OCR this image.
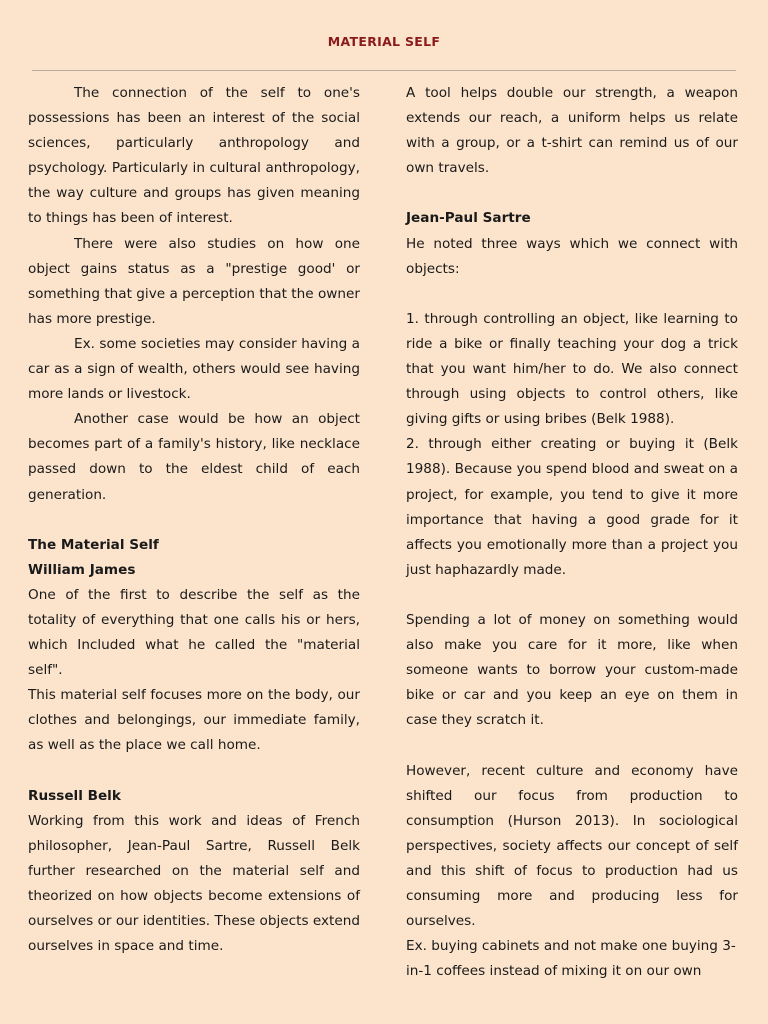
MATERIAL SELF

The connection of the self to one's possessions has been an interest of the social sciences, particularly anthropology and psychology. Particularly in cultural anthropology, the way culture and groups has given meaning to things has been of interest.

There were also studies on how one object gains status as a "prestige good' or something that give a perception that the owner has more prestige.

Ex. some societies may consider having a car as a sign of wealth, others would see having more lands or livestock.

Another case would be how an object becomes part of a family's history, like necklace passed down to the eldest child of each generation.

The Material Self

William James

One of the first to describe the self as the totality of everything that one calls his or hers, which Included what he called the "material self".

This material self focuses more on the body, our clothes and belongings, our immediate family, as well as the place we call home.

Russell Belk

Working from this work and ideas of French philosopher, Jean-Paul Sartre, Russell Belk further researched on the material self and theorized on how objects become extensions of ourselves or our identities. These objects extend ourselves in space and time.

A tool helps double our strength, a weapon extends our reach, a uniform helps us relate with a group, or a t-shirt can remind us of our own travels.

Jean-Paul Sartre

He noted three ways which we connect with objects:

1. through controlling an object, like learning to ride a bike or finally teaching your dog a trick that you want him/her to do. We also connect through using objects to control others, like giving gifts or using bribes (Belk 1988).

2. through either creating or buying it (Belk 1988). Because you spend blood and sweat on a project, for example, you tend to give it more importance that having a good grade for it affects you emotionally more than a project you just haphazardly made.

Spending a lot of money on something would also make you care for it more, like when someone wants to borrow your custom-made bike or car and you keep an eye on them in case they scratch it.

However, recent culture and economy have shifted our focus from production to consumption (Hurson 2013). In sociological perspectives, society affects our concept of self and this shift of focus to production had us consuming more and producing less for ourselves.

Ex. buying cabinets and not make one buying 3-in-1 coffees instead of mixing it on our own
